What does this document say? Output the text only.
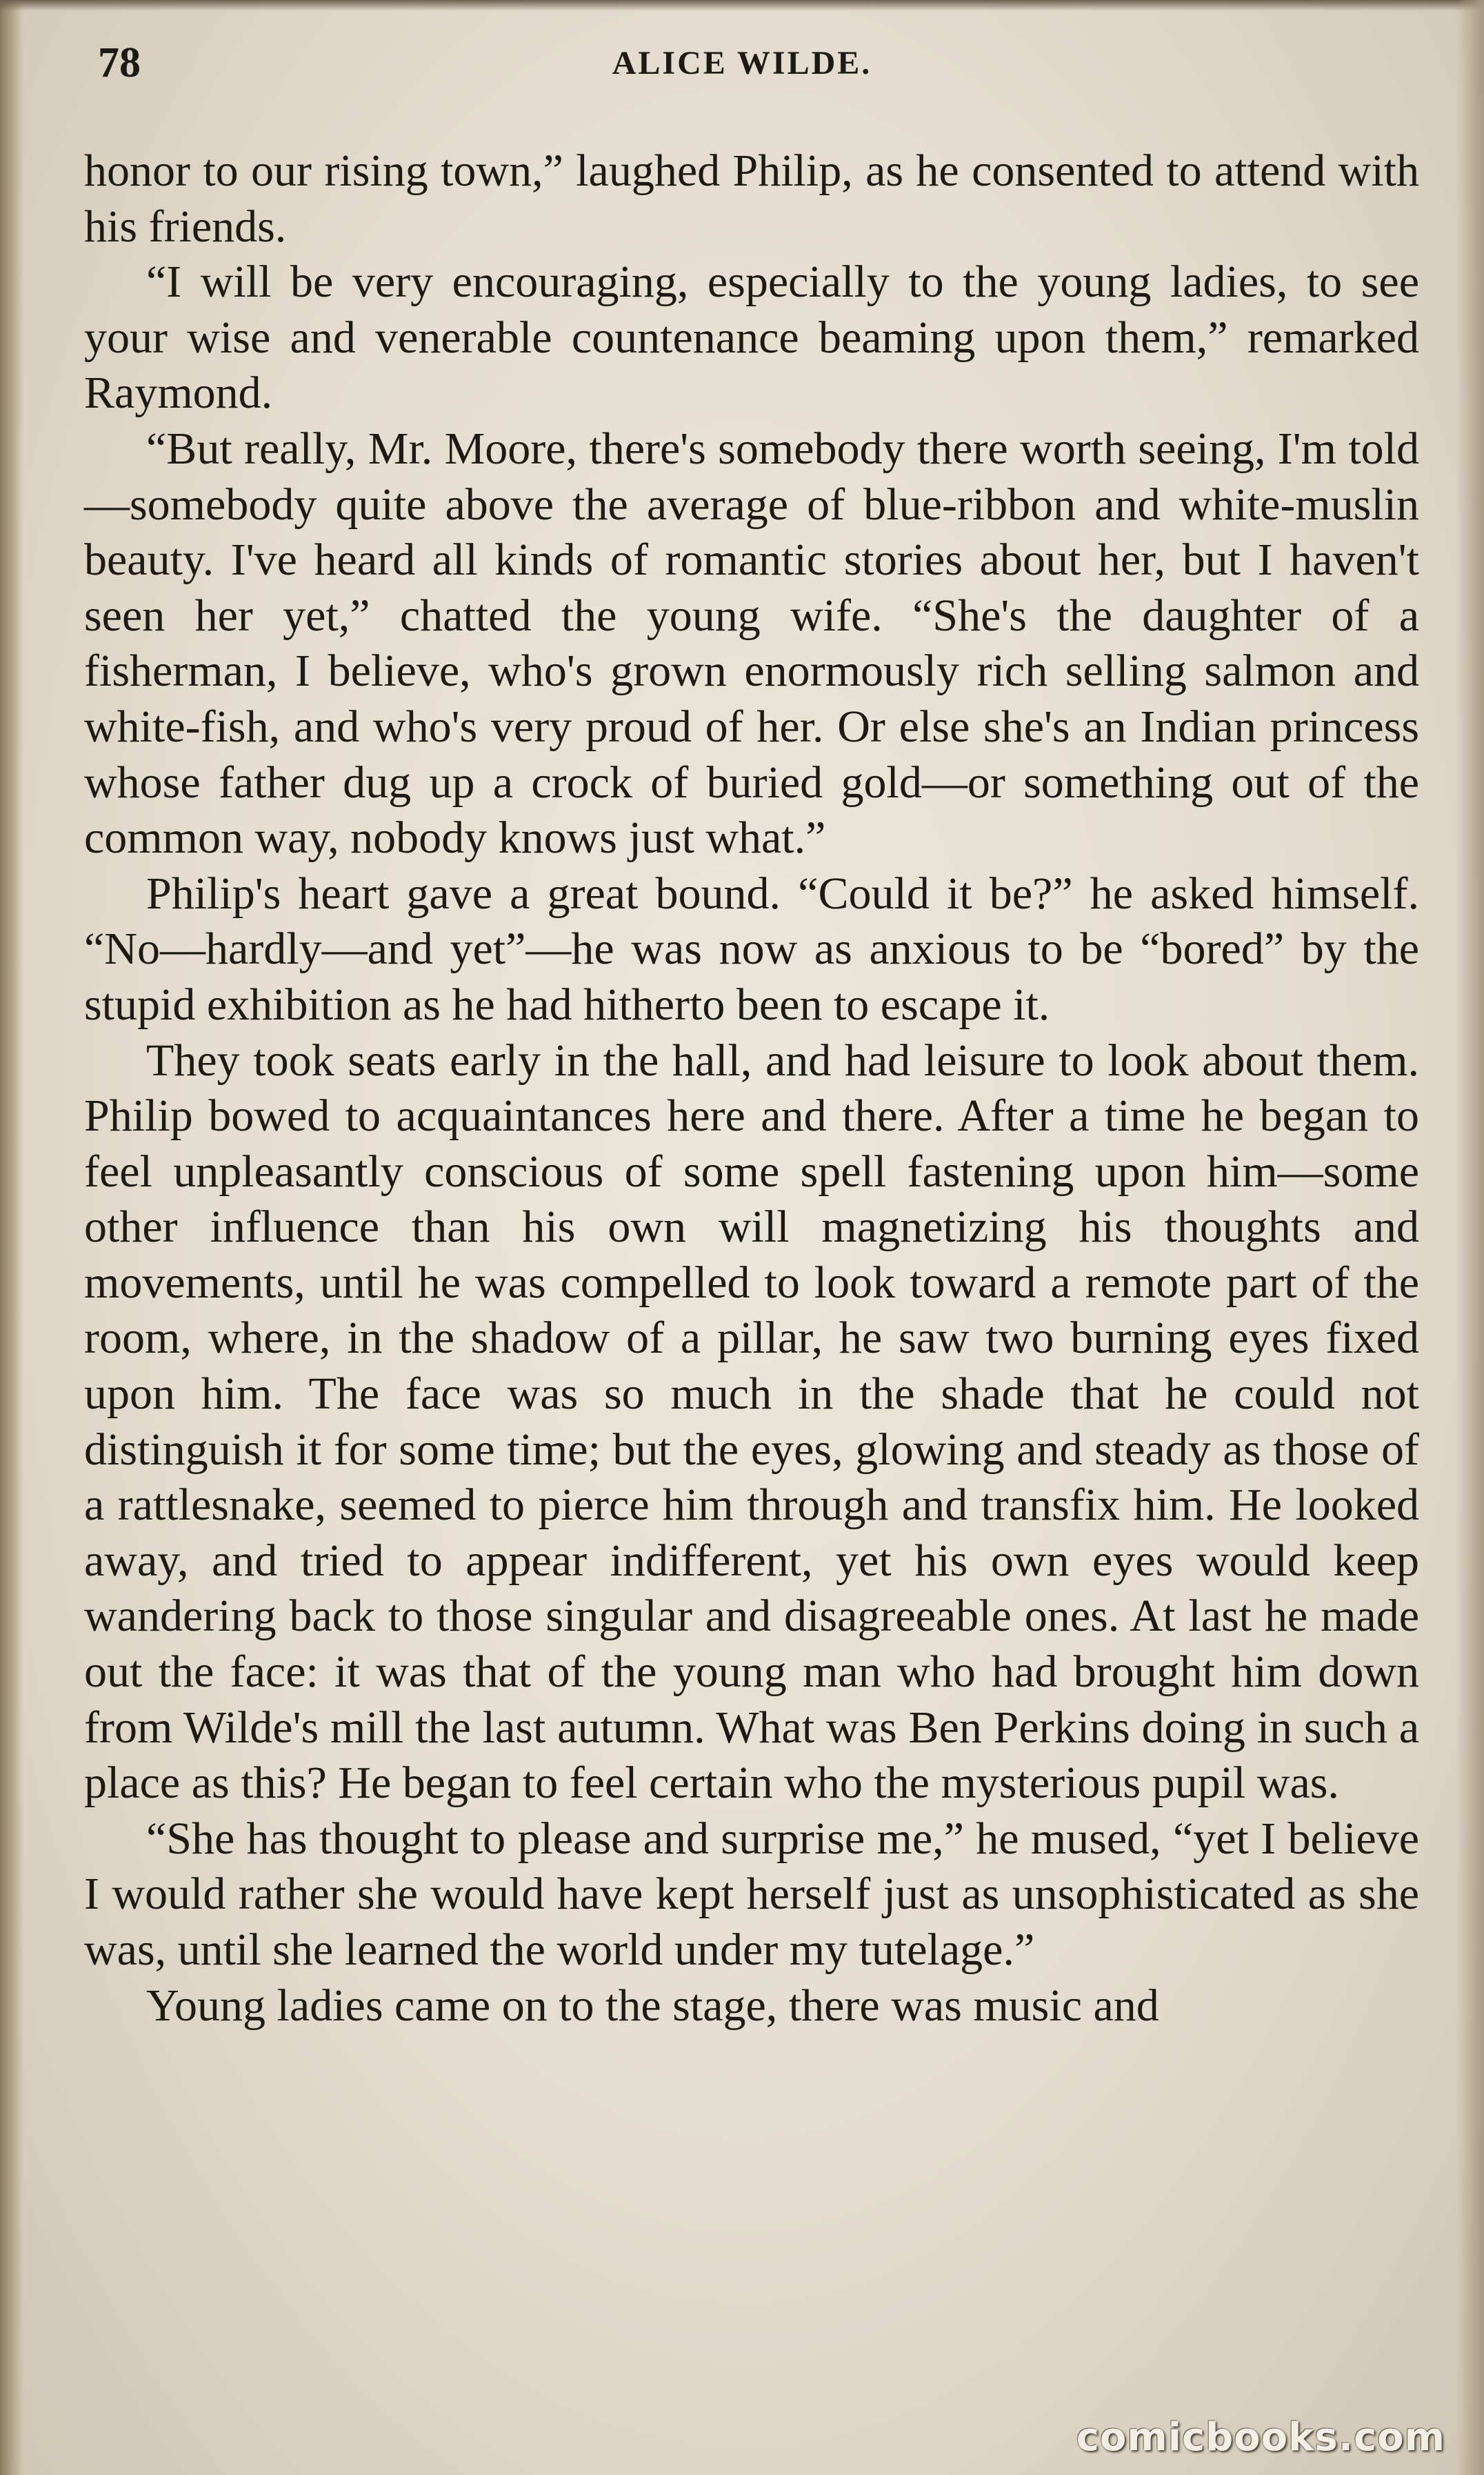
78	ALICE WILDE.

honor to our rising town,” laughed Philip, as he consented to attend with his friends.

“I will be very encouraging, especially to the young ladies, to see your wise and venerable countenance beaming upon them,” remarked Raymond.

“But really, Mr. Moore, there's somebody there worth seeing, I'm told—somebody quite above the average of blue-ribbon and white-muslin beauty. I've heard all kinds of romantic stories about her, but I haven't seen her yet,” chatted the young wife. “She's the daughter of a fisherman, I believe, who's grown enormously rich selling salmon and white-fish, and who's very proud of her. Or else she's an Indian princess whose father dug up a crock of buried gold—or something out of the common way, nobody knows just what.”

Philip's heart gave a great bound. “Could it be?” he asked himself. “No—hardly—and yet”—he was now as anxious to be “bored” by the stupid exhibition as he had hitherto been to escape it.

They took seats early in the hall, and had leisure to look about them. Philip bowed to acquaintances here and there. After a time he began to feel unpleasantly conscious of some spell fastening upon him—some other influence than his own will magnetizing his thoughts and movements, until he was compelled to look toward a remote part of the room, where, in the shadow of a pillar, he saw two burning eyes fixed upon him. The face was so much in the shade that he could not distinguish it for some time; but the eyes, glowing and steady as those of a rattlesnake, seemed to pierce him through and transfix him. He looked away, and tried to appear indifferent, yet his own eyes would keep wandering back to those singular and disagreeable ones. At last he made out the face: it was that of the young man who had brought him down from Wilde's mill the last autumn. What was Ben Perkins doing in such a place as this? He began to feel certain who the mysterious pupil was.

“She has thought to please and surprise me,” he mused, “yet I believe I would rather she would have kept herself just as unsophisticated as she was, until she learned the world under my tutelage.”

Young ladies came on to the stage, there was music and

comicbooks.com
